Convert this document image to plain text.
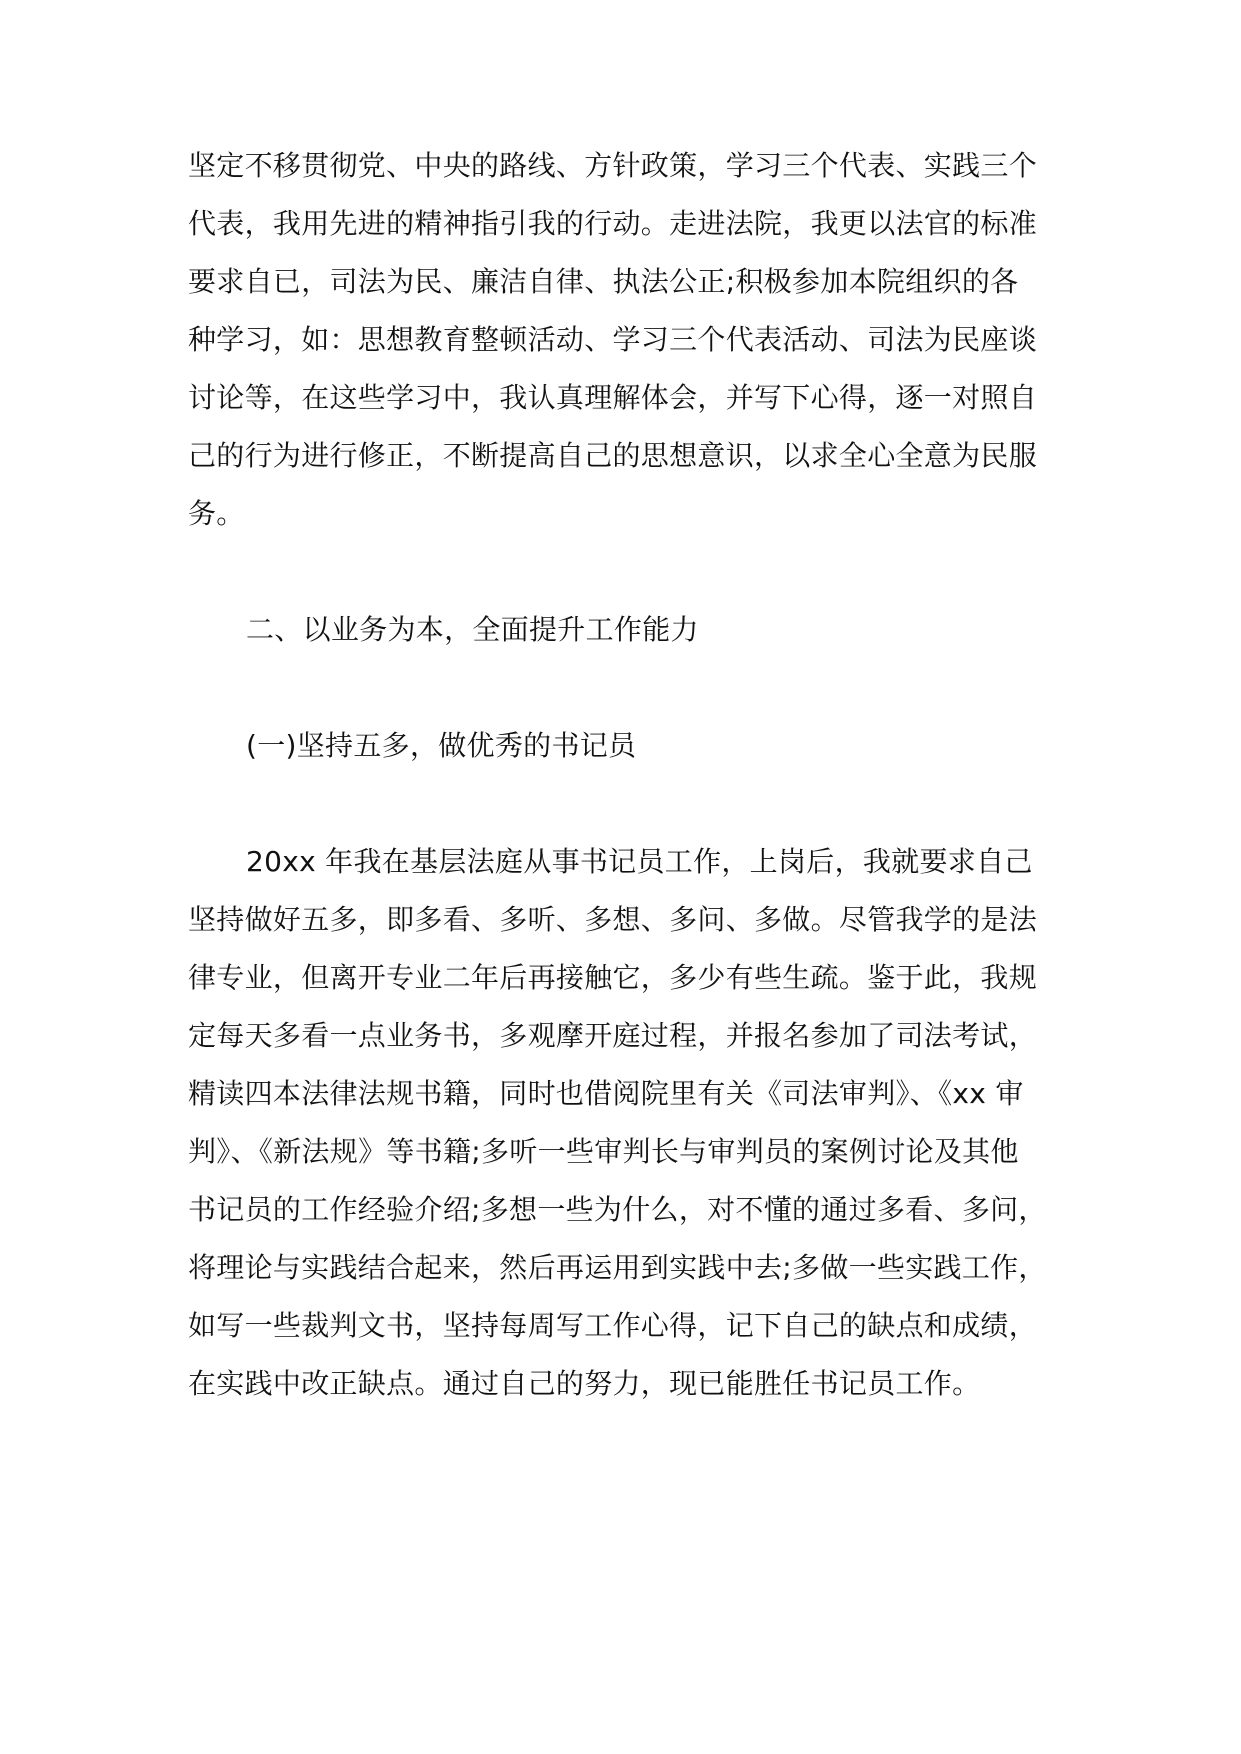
坚定不移贯彻党、中央的路线、方针政策，学习三个代表、实践三个
代表，我用先进的精神指引我的行动。走进法院，我更以法官的标准
要求自已，司法为民、廉洁自律、执法公正;积极参加本院组织的各
种学习，如：思想教育整顿活动、学习三个代表活动、司法为民座谈
讨论等，在这些学习中，我认真理解体会，并写下心得，逐一对照自
己的行为进行修正，不断提高自己的思想意识，以求全心全意为民服
务。
二、以业务为本，全面提升工作能力
(一)坚持五多，做优秀的书记员
20xx 年我在基层法庭从事书记员工作，上岗后，我就要求自己
坚持做好五多，即多看、多听、多想、多问、多做。尽管我学的是法
律专业，但离开专业二年后再接触它，多少有些生疏。鉴于此，我规
定每天多看一点业务书，多观摩开庭过程，并报名参加了司法考试，
精读四本法律法规书籍，同时也借阅院里有关《司法审判》、《xx 审
判》、《新法规》等书籍;多听一些审判长与审判员的案例讨论及其他
书记员的工作经验介绍;多想一些为什么，对不懂的通过多看、多问，
将理论与实践结合起来，然后再运用到实践中去;多做一些实践工作，
如写一些裁判文书，坚持每周写工作心得，记下自己的缺点和成绩，
在实践中改正缺点。通过自己的努力，现已能胜任书记员工作。
